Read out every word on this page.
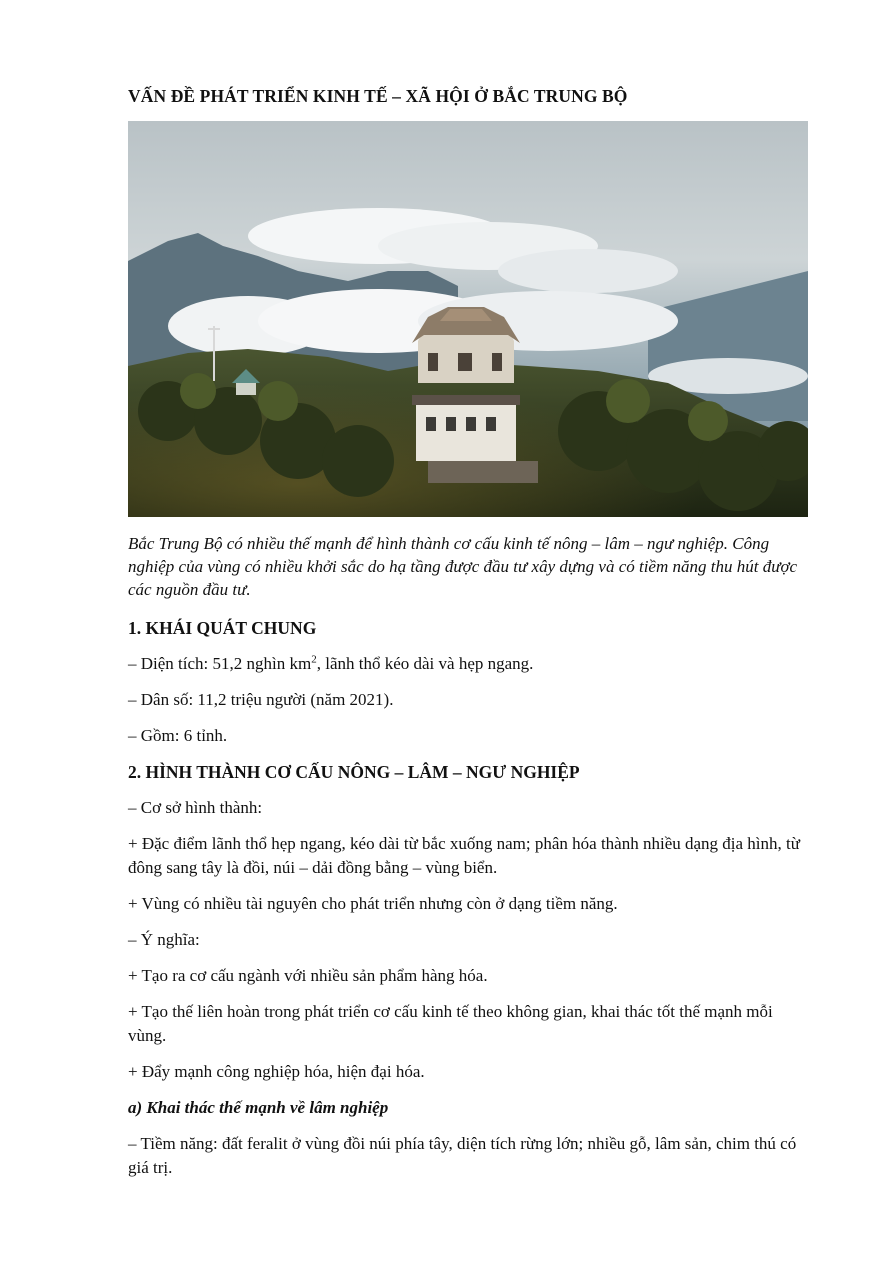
VẤN ĐỀ PHÁT TRIỂN KINH TẾ – XÃ HỘI Ở BẮC TRUNG BỘ
Bắc Trung Bộ có nhiều thế mạnh để hình thành cơ cấu kinh tế nông – lâm – ngư nghiệp. Công nghiệp của vùng có nhiều khởi sắc do hạ tầng được đầu tư xây dựng và có tiềm năng thu hút được các nguồn đầu tư.
1. KHÁI QUÁT CHUNG
– Diện tích: 51,2 nghìn $km^2$, lãnh thổ kéo dài và hẹp ngang.
– Dân số: 11,2 triệu người (năm 2021).
– Gồm: 6 tỉnh.
2. HÌNH THÀNH CƠ CẤU NÔNG – LÂM – NGƯ NGHIỆP
– Cơ sở hình thành:
+ Đặc điểm lãnh thổ hẹp ngang, kéo dài từ bắc xuống nam; phân hóa thành nhiều dạng địa hình, từ đông sang tây là đồi, núi – dải đồng bằng – vùng biển.
+ Vùng có nhiều tài nguyên cho phát triển nhưng còn ở dạng tiềm năng.
– Ý nghĩa:
+ Tạo ra cơ cấu ngành với nhiều sản phẩm hàng hóa.
+ Tạo thế liên hoàn trong phát triển cơ cấu kinh tế theo không gian, khai thác tốt thế mạnh mỗi vùng.
+ Đẩy mạnh công nghiệp hóa, hiện đại hóa.
a) Khai thác thế mạnh về lâm nghiệp
– Tiềm năng: đất feralit ở vùng đồi núi phía tây, diện tích rừng lớn; nhiều gỗ, lâm sản, chim thú có giá trị.
